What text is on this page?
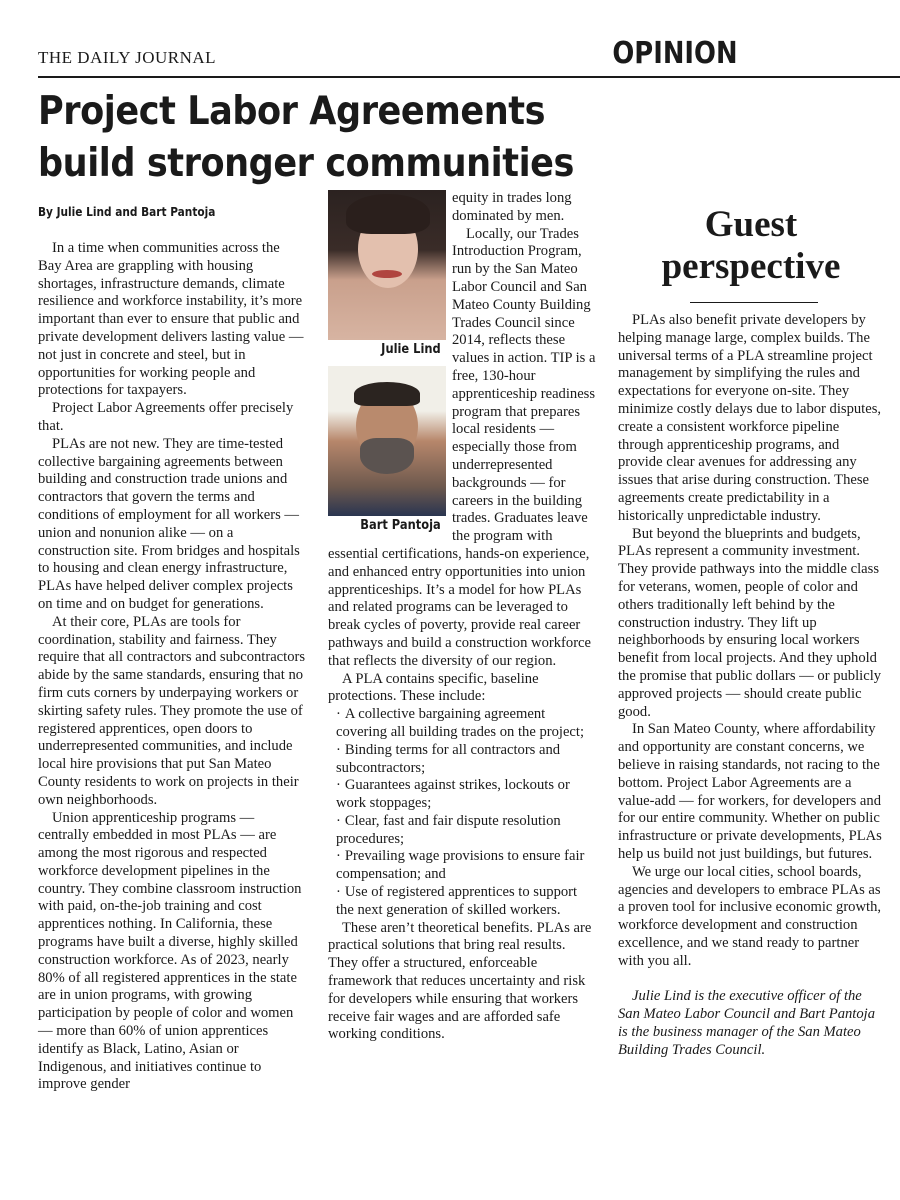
THE DAILY JOURNAL	OPINION
Project Labor Agreements
build stronger communities
By Julie Lind and Bart Pantoja

In a time when communities across the Bay Area are grappling with housing shortages, infrastructure demands, climate resilience and workforce instability, it’s more important than ever to ensure that public and private development delivers lasting value — not just in concrete and steel, but in opportunities for working people and protections for taxpayers.

Project Labor Agreements offer precisely that.

PLAs are not new. They are time-tested collective bargaining agreements between building and construction trade unions and contractors that govern the terms and conditions of employment for all workers — union and nonunion alike — on a construction site. From bridges and hospitals to housing and clean energy infrastructure, PLAs have helped deliver complex projects on time and on budget for generations.

At their core, PLAs are tools for coordination, stability and fairness. They require that all contractors and subcontractors abide by the same standards, ensuring that no firm cuts corners by underpaying workers or skirting safety rules. They promote the use of registered apprentices, open doors to underrepresented communities, and include local hire provisions that put San Mateo County residents to work on projects in their own neighborhoods.

Union apprenticeship programs — centrally embedded in most PLAs — are among the most rigorous and respected workforce development pipelines in the country. They combine classroom instruction with paid, on-the-job training and cost apprentices nothing. In California, these programs have built a diverse, highly skilled construction workforce. As of 2023, nearly 80% of all registered apprentices in the state are in union programs, with growing participation by people of color and women — more than 60% of union apprentices identify as Black, Latino, Asian or Indigenous, and initiatives continue to improve gender

Julie Lind
Bart Pantoja

equity in trades long dominated by men.

Locally, our Trades Introduction Program, run by the San Mateo Labor Council and San Mateo County Building Trades Council since 2014, reflects these values in action. TIP is a free, 130-hour apprenticeship readiness program that prepares local residents — especially those from underrepresented backgrounds — for careers in the building trades. Graduates leave the program with essential certifications, hands-on experience, and enhanced entry opportunities into union apprenticeships. It’s a model for how PLAs and related programs can be leveraged to break cycles of poverty, provide real career pathways and build a construction workforce that reflects the diversity of our region.

A PLA contains specific, baseline protections. These include:

· A collective bargaining agreement covering all building trades on the project;

· Binding terms for all contractors and subcontractors;

· Guarantees against strikes, lockouts or work stoppages;

· Clear, fast and fair dispute resolution procedures;

· Prevailing wage provisions to ensure fair compensation; and

· Use of registered apprentices to support the next generation of skilled workers.

These aren’t theoretical benefits. PLAs are practical solutions that bring real results. They offer a structured, enforceable framework that reduces uncertainty and risk for developers while ensuring that workers receive fair wages and are afforded safe working conditions.

Guest
perspective

PLAs also benefit private developers by helping manage large, complex builds. The universal terms of a PLA streamline project management by simplifying the rules and expectations for everyone on-site. They minimize costly delays due to labor disputes, create a consistent workforce pipeline through apprenticeship programs, and provide clear avenues for addressing any issues that arise during construction. These agreements create predictability in a historically unpredictable industry.

But beyond the blueprints and budgets, PLAs represent a community investment. They provide pathways into the middle class for veterans, women, people of color and others traditionally left behind by the construction industry. They lift up neighborhoods by ensuring local workers benefit from local projects. And they uphold the promise that public dollars — or publicly approved projects — should create public good.

In San Mateo County, where affordability and opportunity are constant concerns, we believe in raising standards, not racing to the bottom. Project Labor Agreements are a value-add — for workers, for developers and for our entire community. Whether on public infrastructure or private developments, PLAs help us build not just buildings, but futures.

We urge our local cities, school boards, agencies and developers to embrace PLAs as a proven tool for inclusive economic growth, workforce development and construction excellence, and we stand ready to partner with you all.

Julie Lind is the executive officer of the San Mateo Labor Council and Bart Pantoja is the business manager of the San Mateo Building Trades Council.
